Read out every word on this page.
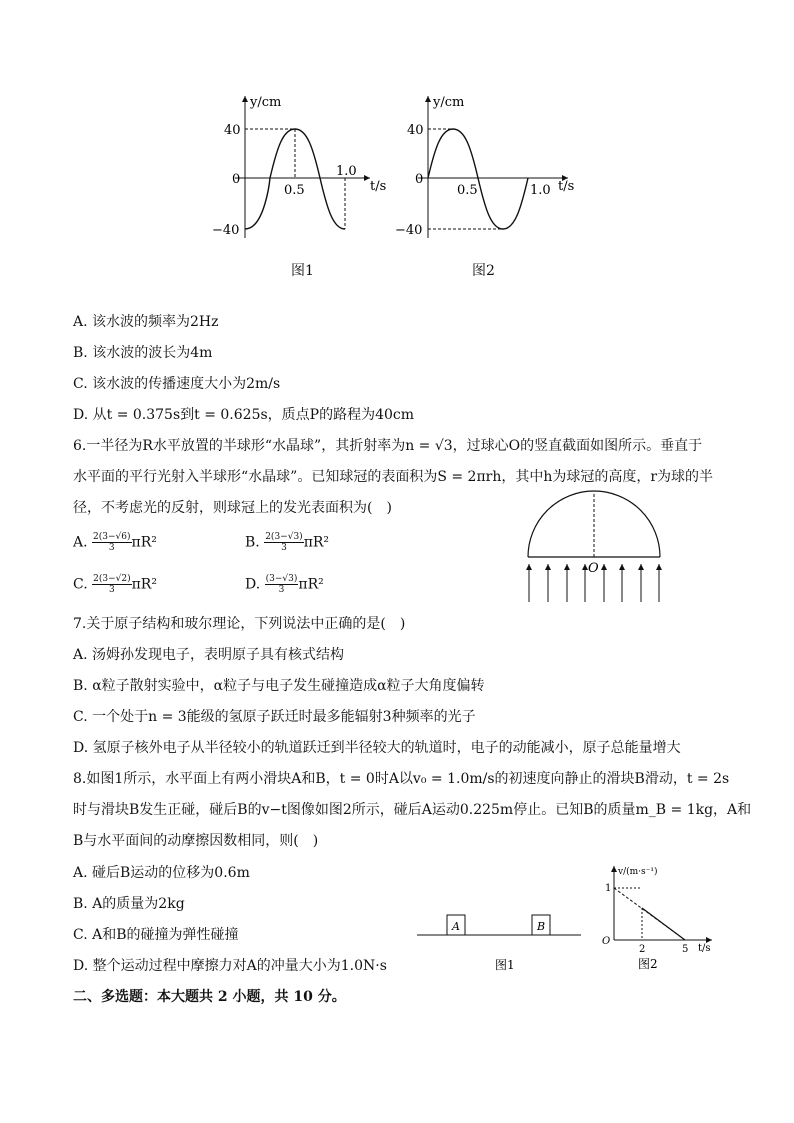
y/cm
t/s
40
−40
0
0.5
1.0
图1
y/cm
t/s
40
−40
0
0.5	1.0
图2
A. 该水波的频率为2Hz
B. 该水波的波长为4m
C. 该水波的传播速度大小为2m/s
D. 从t = 0.375s到t = 0.625s，质点P的路程为40cm
6.一半径为R水平放置的半球形“水晶球”，其折射率为n = √3，过球心O的竖直截面如图所示。垂直于
水平面的平行光射入半球形“水晶球”。已知球冠的表面积为S = 2πrh，其中h为球冠的高度，r为球的半
径，不考虑光的反射，则球冠上的发光表面积为(　)
A. $\frac{2(3-√6)}{3} \pi R^2$	B. $\frac{2(3-√3)}{3} \pi R^2$
C. $\frac{2(3-√2)}{3} \pi R^2$	D. $\frac{(3-√3)}{3} \pi R^2$
O
7.关于原子结构和玻尔理论，下列说法中正确的是(　)
A. 汤姆孙发现电子，表明原子具有核式结构
B. α粒子散射实验中，α粒子与电子发生碰撞造成α粒子大角度偏转
C. 一个处于n = 3能级的氢原子跃迁时最多能辐射3种频率的光子
D. 氢原子核外电子从半径较小的轨道跃迁到半径较大的轨道时，电子的动能减小，原子总能量增大
8.如图1所示，水平面上有两小滑块A和B，t = 0时A以v₀ = 1.0m/s的初速度向静止的滑块B滑动，t = 2s
时与滑块B发生正碰，碰后B的v−t图像如图2所示，碰后A运动0.225m停止。已知B的质量m_B = 1kg，A和
B与水平面间的动摩擦因数相同，则(　)
A. 碰后B运动的位移为0.6m
B. A的质量为2kg
C. A和B的碰撞为弹性碰撞
D. 整个运动过程中摩擦力对A的冲量大小为1.0N·s
A	B
图1
v/(m·s⁻¹)
t/s
O
1
2	5
图2
二、多选题：本大题共 2 小题，共 10 分。
